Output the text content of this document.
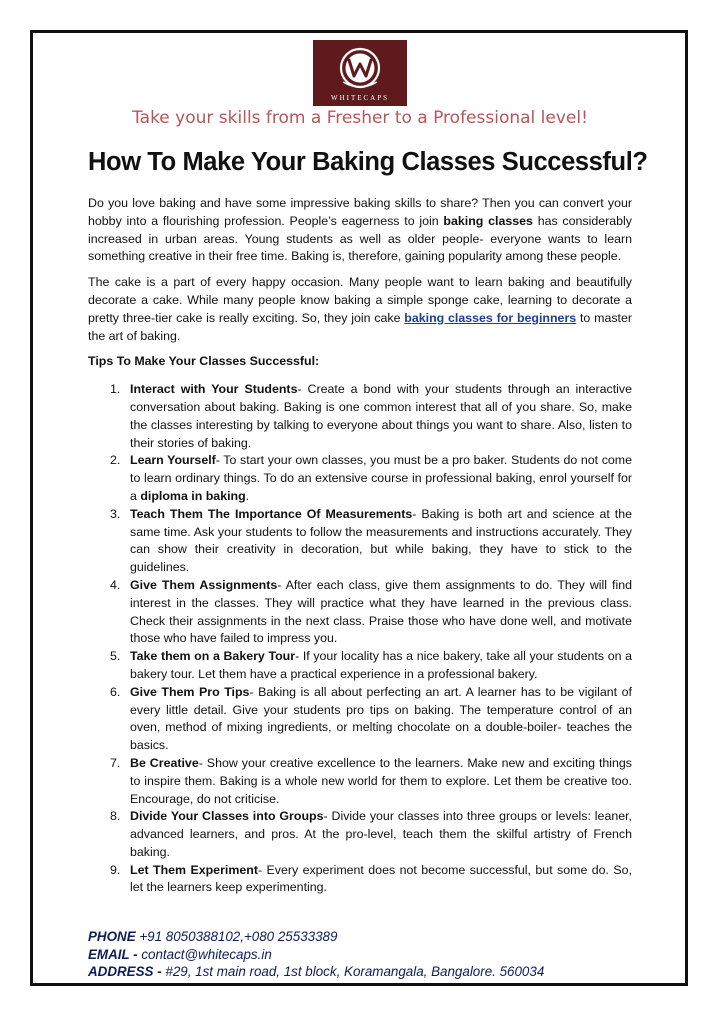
WHITECAPS
Take your skills from a Fresher to a Professional level!
How To Make Your Baking Classes Successful?

Do you love baking and have some impressive baking skills to share? Then you can convert your hobby into a flourishing profession. People’s eagerness to join baking classes has considerably increased in urban areas. Young students as well as older people- everyone wants to learn something creative in their free time. Baking is, therefore, gaining popularity among these people.

The cake is a part of every happy occasion. Many people want to learn baking and beautifully decorate a cake. While many people know baking a simple sponge cake, learning to decorate a pretty three-tier cake is really exciting. So, they join cake baking classes for beginners to master the art of baking.

Tips To Make Your Classes Successful:

1. Interact with Your Students- Create a bond with your students through an interactive conversation about baking. Baking is one common interest that all of you share. So, make the classes interesting by talking to everyone about things you want to share. Also, listen to their stories of baking.
2. Learn Yourself- To start your own classes, you must be a pro baker. Students do not come to learn ordinary things. To do an extensive course in professional baking, enrol yourself for a diploma in baking.
3. Teach Them The Importance Of Measurements- Baking is both art and science at the same time. Ask your students to follow the measurements and instructions accurately. They can show their creativity in decoration, but while baking, they have to stick to the guidelines.
4. Give Them Assignments- After each class, give them assignments to do. They will find interest in the classes. They will practice what they have learned in the previous class. Check their assignments in the next class. Praise those who have done well, and motivate those who have failed to impress you.
5. Take them on a Bakery Tour- If your locality has a nice bakery, take all your students on a bakery tour. Let them have a practical experience in a professional bakery.
6. Give Them Pro Tips- Baking is all about perfecting an art. A learner has to be vigilant of every little detail. Give your students pro tips on baking. The temperature control of an oven, method of mixing ingredients, or melting chocolate on a double-boiler- teaches the basics.
7. Be Creative- Show your creative excellence to the learners. Make new and exciting things to inspire them. Baking is a whole new world for them to explore. Let them be creative too. Encourage, do not criticise.
8. Divide Your Classes into Groups- Divide your classes into three groups or levels: leaner, advanced learners, and pros. At the pro-level, teach them the skilful artistry of French baking.
9. Let Them Experiment- Every experiment does not become successful, but some do. So, let the learners keep experimenting.
PHONE +91 8050388102,+080 25533389
EMAIL - contact@whitecaps.in
ADDRESS - #29, 1st main road, 1st block, Koramangala, Bangalore. 560034
